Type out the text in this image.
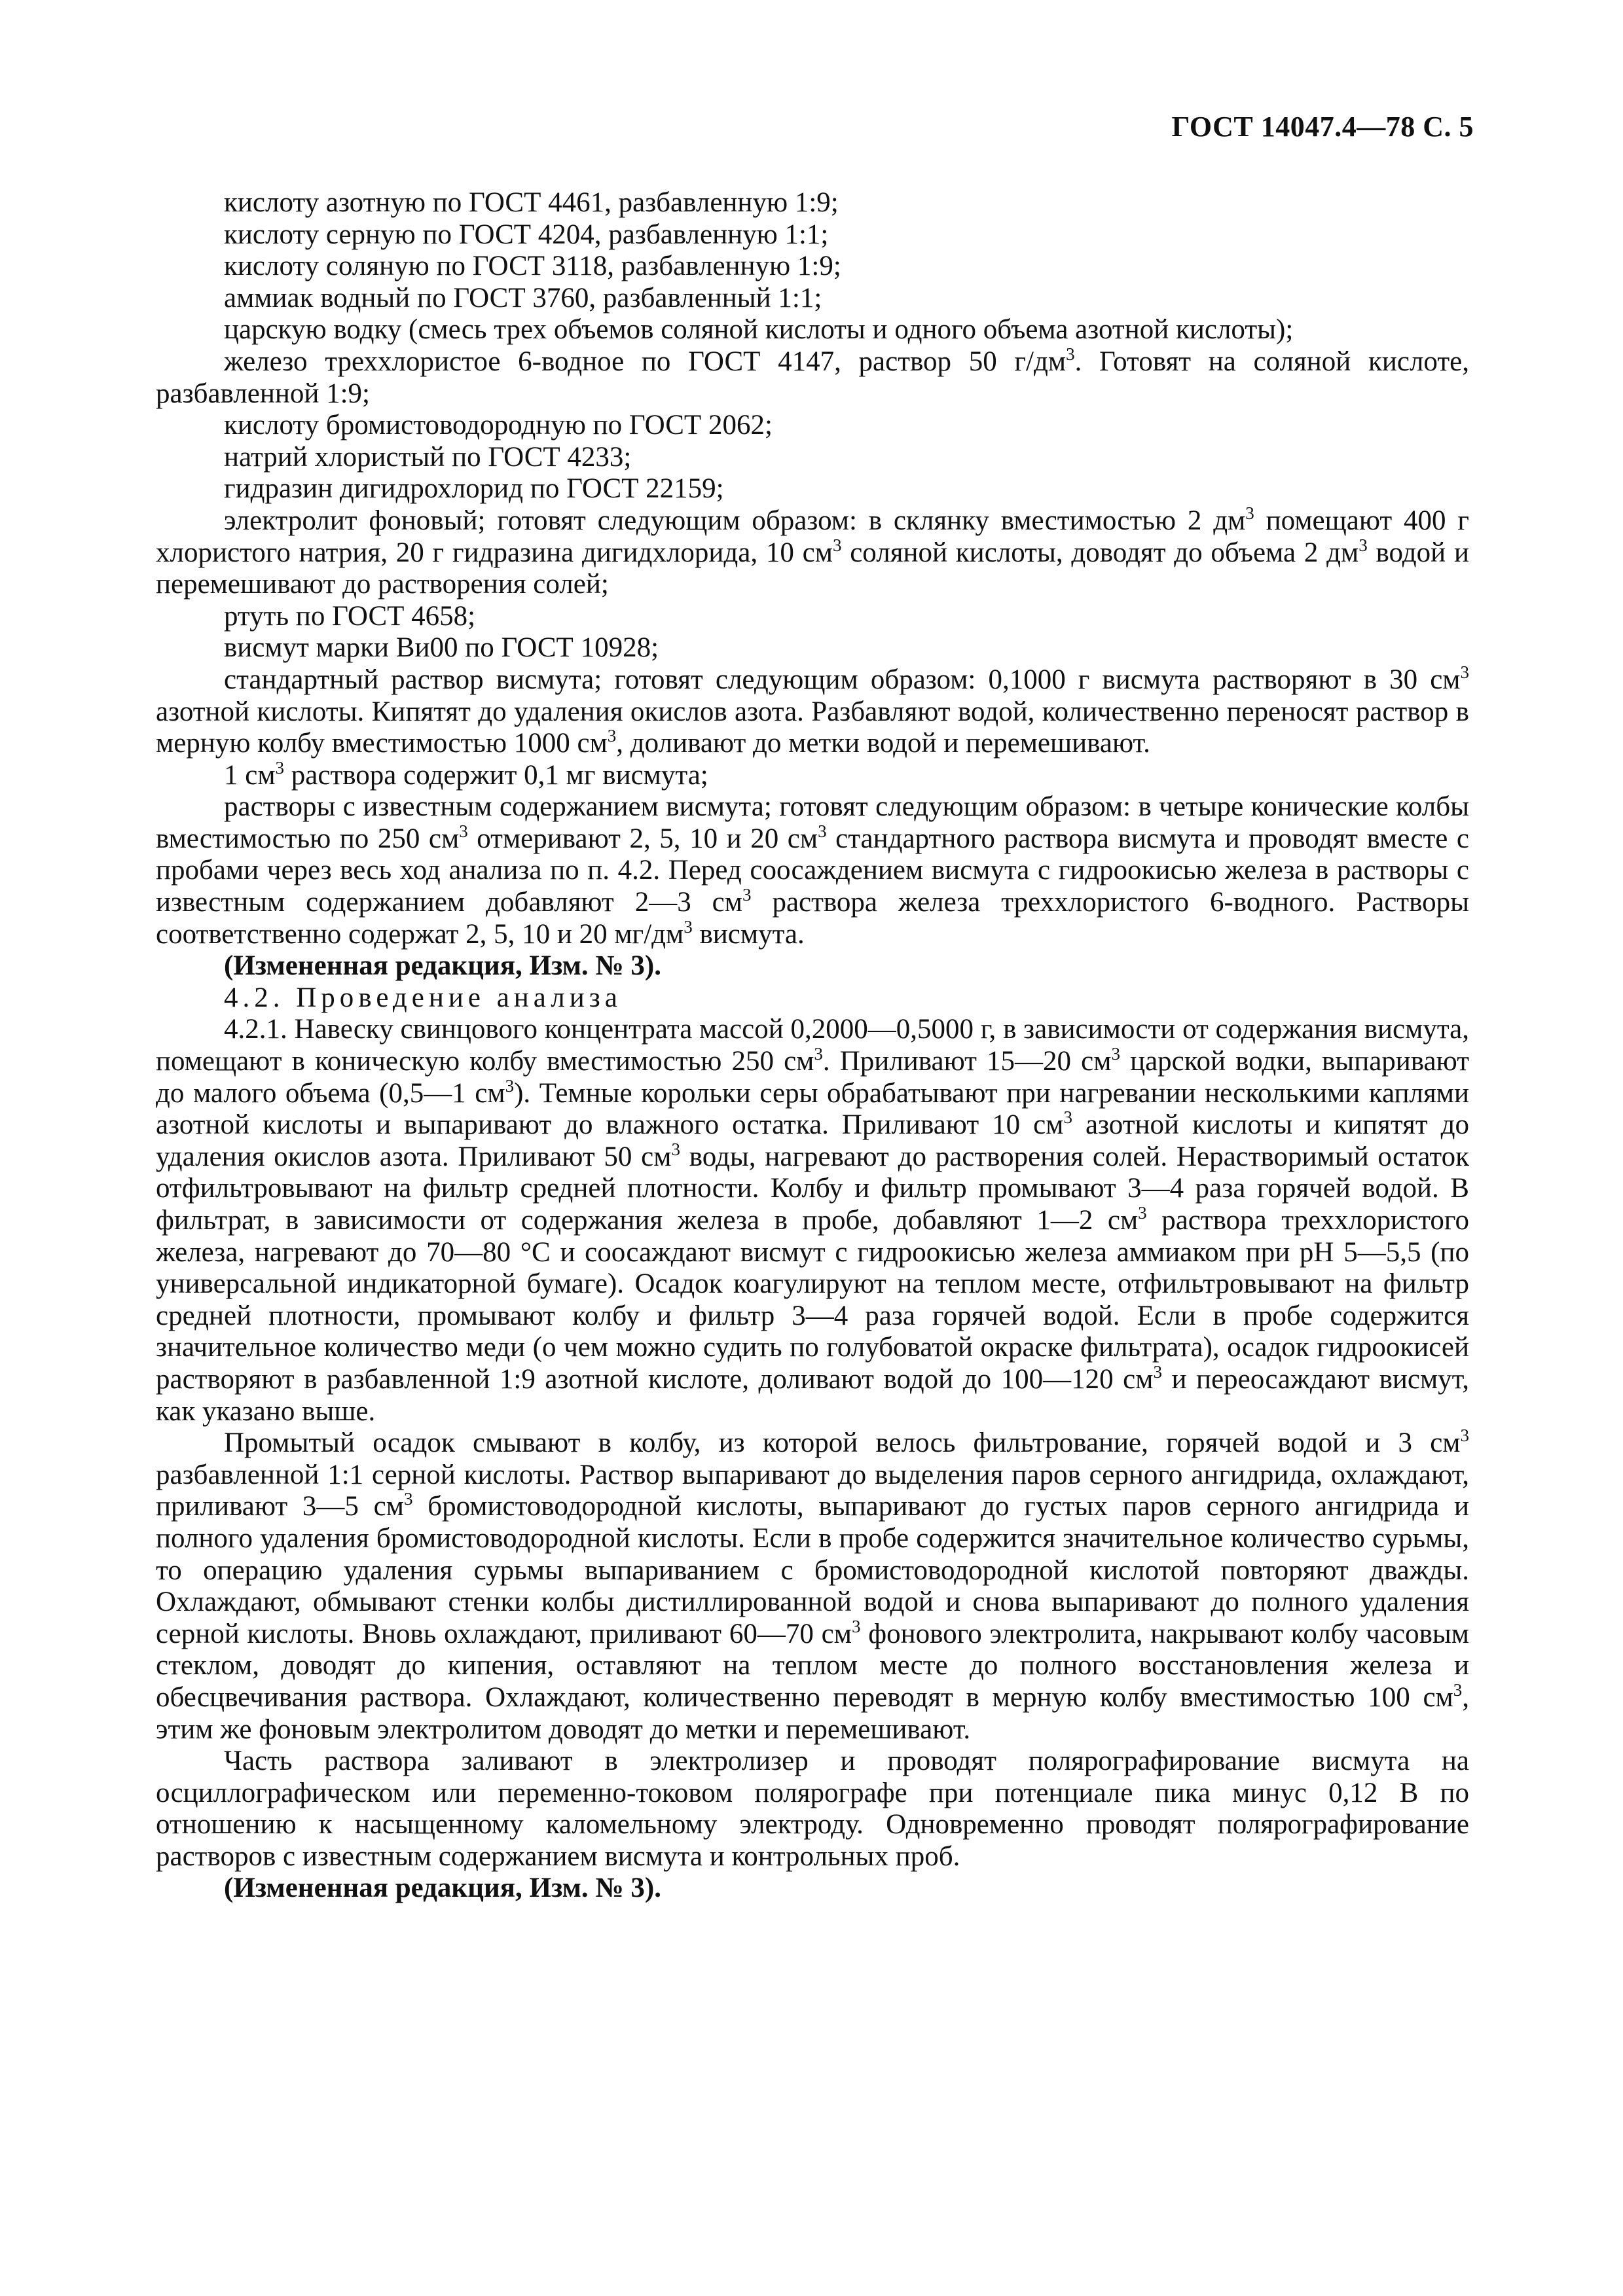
ГОСТ 14047.4—78 С. 5

кислоту азотную по ГОСТ 4461, разбавленную 1:9;

кислоту серную по ГОСТ 4204, разбавленную 1:1;

кислоту соляную по ГОСТ 3118, разбавленную 1:9;

аммиак водный по ГОСТ 3760, разбавленный 1:1;

царскую водку (смесь трех объемов соляной кислоты и одного объема азотной кислоты);

железо треххлористое 6-водное по ГОСТ 4147, раствор 50 $г/дм^3$. Готовят на соляной кислоте, разбавленной 1:9;

кислоту бромистоводородную по ГОСТ 2062;

натрий хлористый по ГОСТ 4233;

гидразин дигидрохлорид по ГОСТ 22159;

электролит фоновый; готовят следующим образом: в склянку вместимостью 2 $дм^3$ помещают 400 г хлористого натрия, 20 г гидразина дигидхлорида, 10 $см^3$ соляной кислоты, доводят до объема 2 $дм^3$ водой и перемешивают до растворения солей;

ртуть по ГОСТ 4658;

висмут марки Ви00 по ГОСТ 10928;

стандартный раствор висмута; готовят следующим образом: 0,1000 г висмута растворяют в 30 $см^3$ азотной кислоты. Кипятят до удаления окислов азота. Разбавляют водой, количественно переносят раствор в мерную колбу вместимостью 1000 $см^3$, доливают до метки водой и перемешивают.

1 $см^3$ раствора содержит 0,1 мг висмута;

растворы с известным содержанием висмута; готовят следующим образом: в четыре конические колбы вместимостью по 250 $см^3$ отмеривают 2, 5, 10 и 20 $см^3$ стандартного раствора висмута и проводят вместе с пробами через весь ход анализа по п. 4.2. Перед соосаждением висмута с гидроокисью железа в растворы с известным содержанием добавляют 2—3 $см^3$ раствора железа треххлористого 6-водного. Растворы соответственно содержат 2, 5, 10 и 20 $мг/дм^3$ висмута.

(Измененная редакция, Изм. № 3).

4.2. Проведение анализа

4.2.1. Навеску свинцового концентрата массой 0,2000—0,5000 г, в зависимости от содержания висмута, помещают в коническую колбу вместимостью 250 $см^3$. Приливают 15—20 $см^3$ царской водки, выпаривают до малого объема (0,5—1 $см^3$). Темные корольки серы обрабатывают при нагревании несколькими каплями азотной кислоты и выпаривают до влажного остатка. Приливают 10 $см^3$ азотной кислоты и кипятят до удаления окислов азота. Приливают 50 $см^3$ воды, нагревают до растворения солей. Нерастворимый остаток отфильтровывают на фильтр средней плотности. Колбу и фильтр промывают 3—4 раза горячей водой. В фильтрат, в зависимости от содержания железа в пробе, добавляют 1—2 $см^3$ раствора треххлористого железа, нагревают до 70—80 °С и соосаждают висмут с гидроокисью железа аммиаком при рН 5—5,5 (по универсальной индикаторной бумаге). Осадок коагулируют на теплом месте, отфильтровывают на фильтр средней плотности, промывают колбу и фильтр 3—4 раза горячей водой. Если в пробе содержится значительное количество меди (о чем можно судить по голубоватой окраске фильтрата), осадок гидроокисей растворяют в разбавленной 1:9 азотной кислоте, доливают водой до 100—120 $см^3$ и переосаждают висмут, как указано выше.

Промытый осадок смывают в колбу, из которой велось фильтрование, горячей водой и 3 $см^3$ разбавленной 1:1 серной кислоты. Раствор выпаривают до выделения паров серного ангидрида, охлаждают, приливают 3—5 $см^3$ бромистоводородной кислоты, выпаривают до густых паров серного ангидрида и полного удаления бромистоводородной кислоты. Если в пробе содержится значительное количество сурьмы, то операцию удаления сурьмы выпариванием с бромистоводородной кислотой повторяют дважды. Охлаждают, обмывают стенки колбы дистиллированной водой и снова выпаривают до полного удаления серной кислоты. Вновь охлаждают, приливают 60—70 $см^3$ фонового электролита, накрывают колбу часовым стеклом, доводят до кипения, оставляют на теплом месте до полного восстановления железа и обесцвечивания раствора. Охлаждают, количественно переводят в мерную колбу вместимостью 100 $см^3$, этим же фоновым электролитом доводят до метки и перемешивают.

Часть раствора заливают в электролизер и проводят полярографирование висмута на осциллографическом или переменно-токовом полярографе при потенциале пика минус 0,12 В по отношению к насыщенному каломельному электроду. Одновременно проводят полярографирование растворов с известным содержанием висмута и контрольных проб.

(Измененная редакция, Изм. № 3).
